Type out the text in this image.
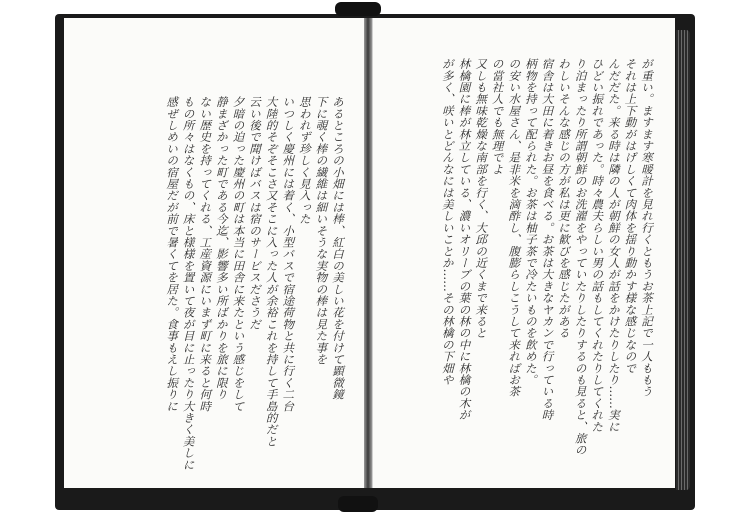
あるところの小畑には棒、紅白の美しい花を付けて顕微鏡
下に覗く棒の繊維は細いそうな実物の棒は見た事を
思われず珍しく見入った
いつしく慶州には着く、小型バスで宿途荷物と共に行く二台
大陸的そぞそこさ又そこに入った人が余裕これを持して手島的だと
云い後で聞けばバスは宿のサービスださうだ
夕暗の迫った慶州の町は本当に田舎に来たという感じをして
静まざかった町である今迄、影響多い所ばかりを旅に限り
ない歴史を持ってくれる、工産資源にいまず町に来ると何時
もの所々はなくもの、床と様様を置いて夜が目に止ったり大きく美しに
感ぜしめいの宿屋だが前で暑くてを居た。食事もえし振りに	が重い。ますます寒暖計を見れ行くともうお茶上記で一人ももう
それは上下動がはげしくて肉体を揺り動かす様な感じなので
んだだた。来る時は隣の人が朝鮮の女人が話をかけたりしたり……実に
ひどい振れであった。時々農夫らしい男の話もしてくれたりしてくれた
り泊まったり所謂朝鮮のお洗濯をやっていたりしたりするのも見ると、旅の
わしいそんな感じの方が私は更に歓びを感じたがある
宿舎は大田に着きお昼を食べる。お茶は大きなヤカンで行っている時
柄物を持って配られた。お茶は柚子茶で冷たいものを飲めた。
の安い水屋さん、是非米を滴酢し、腹膨らしこうして来ればお茶
の當社人でも無理でよ
又しも無味乾燥な南部を行く、大邱の近くまで来ると
林檎園に棒が林立している、濃いオリーブの葉の林の中に林檎の木が
が多く、咲いとどんなには美しいことか……その林檎の下畑や
